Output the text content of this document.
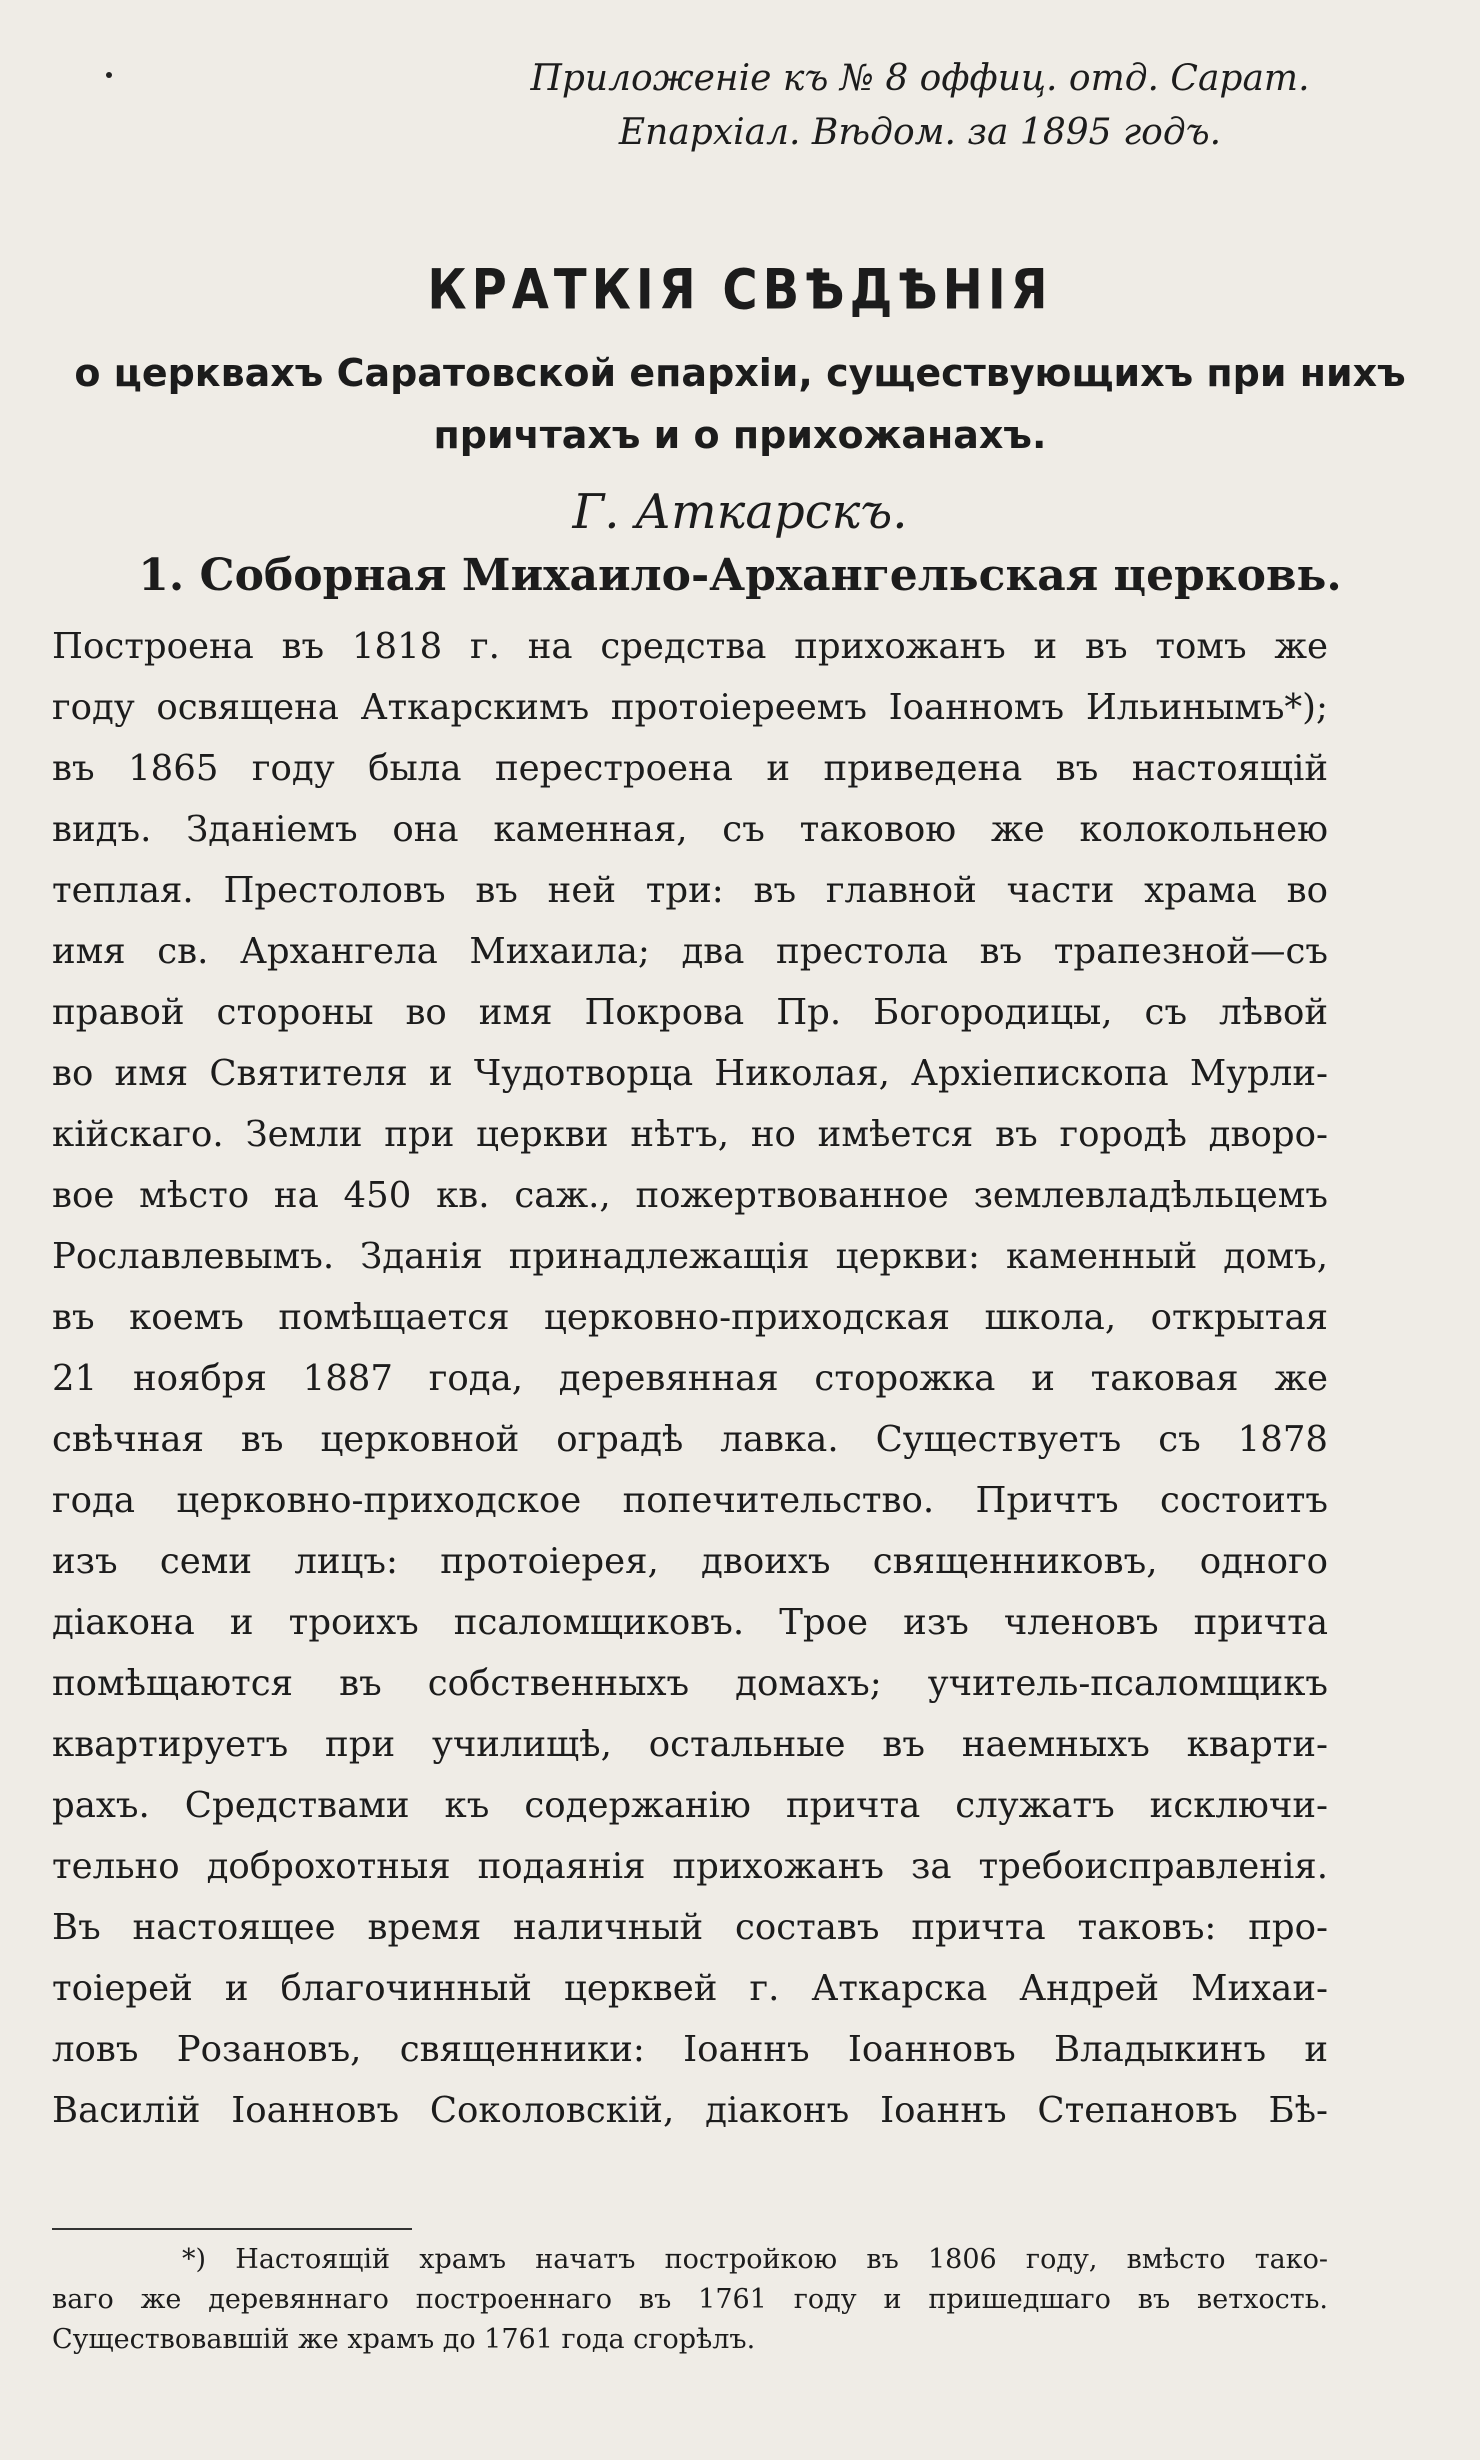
Приложенiе къ № 8 оффиц. отд. Сарат.
Епархiал. Вѣдом. за 1895 годъ.
КРАТКІЯ СВѢДѢНІЯ
о церквахъ Саратовской епархiи, существующихъ при нихъ
причтахъ и о прихожанахъ.
Г. Аткарскъ.
1. Соборная Михаило-Архангельская церковь.
Построена въ 1818 г. на средства прихожанъ и въ томъ же
году освящена Аткарскимъ протоiереемъ Iоанномъ Ильинымъ*);
въ 1865 году была перестроена и приведена въ настоящiй
видъ. Зданiемъ она каменная, съ таковою же колокольнею
теплая. Престоловъ въ ней три: въ главной части храма во
имя св. Архангела Михаила; два престола въ трапезной—съ
правой стороны во имя Покрова Пр. Богородицы, съ лѣвой
во имя Святителя и Чудотворца Николая, Архiепископа Мурли-
кiйскаго. Земли при церкви нѣтъ, но имѣется въ городѣ дворо-
вое мѣсто на 450 кв. саж., пожертвованное землевладѣльцемъ
Рославлевымъ. Зданiя принадлежащiя церкви: каменный домъ,
въ коемъ помѣщается церковно-приходская школа, открытая
21 ноября 1887 года, деревянная сторожка и таковая же
свѣчная въ церковной оградѣ лавка. Существуетъ съ 1878
года церковно-приходское попечительство. Причтъ состоитъ
изъ семи лицъ: протоiерея, двоихъ священниковъ, одного
дiакона и троихъ псаломщиковъ. Трое изъ членовъ причта
помѣщаются въ собственныхъ домахъ; учитель-псаломщикъ
квартируетъ при училищѣ, остальные въ наемныхъ кварти-
рахъ. Средствами къ содержанiю причта служатъ исключи-
тельно доброхотныя подаянiя прихожанъ за требоисправленiя.
Въ настоящее время наличный составъ причта таковъ: про-
тоiерей и благочинный церквей г. Аткарска Андрей Михаи-
ловъ Розановъ, священники: Iоаннъ Iоанновъ Владыкинъ и
Василiй Iоанновъ Соколовскiй, дiаконъ Iоаннъ Степановъ Бѣ-
*) Настоящiй храмъ начатъ постройкою въ 1806 году, вмѣсто тако-
ваго же деревяннаго построеннаго въ 1761 году и пришедшаго въ ветхость.
Существовавшiй же храмъ до 1761 года сгорѣлъ.
